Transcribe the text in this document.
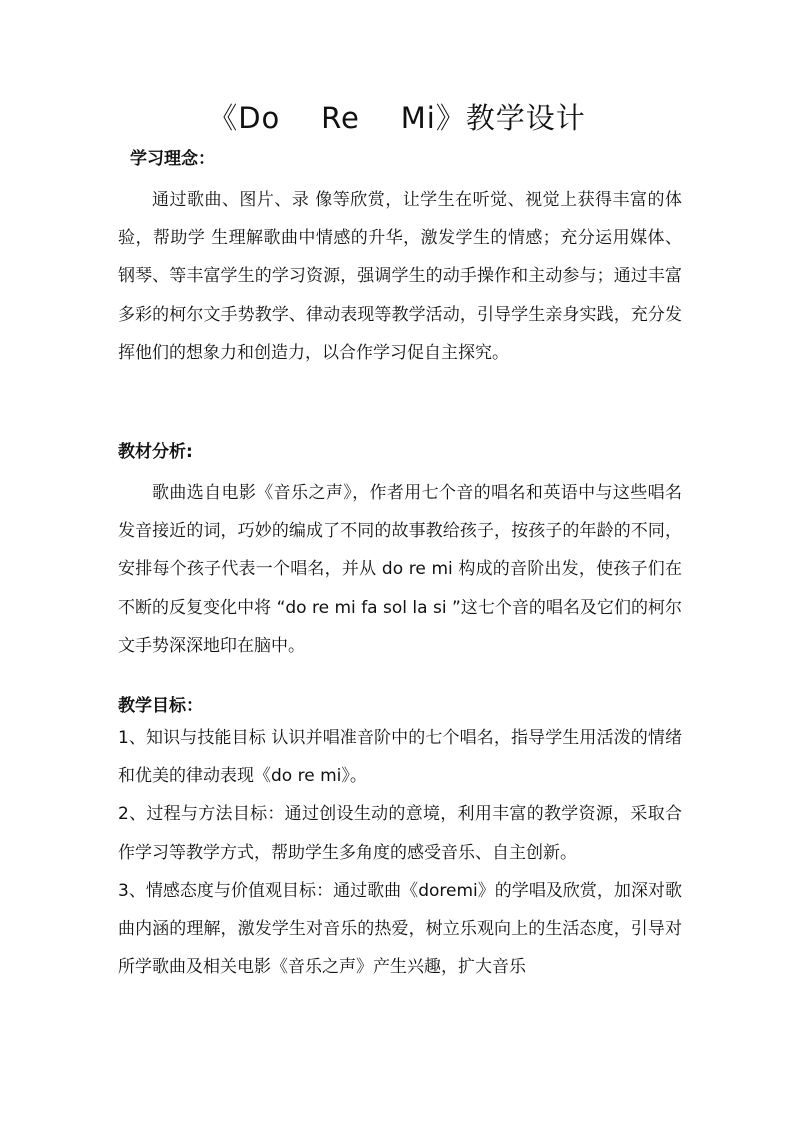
《Do    Re    Mi》教学设计
学习理念：
通过歌曲、图片、录 像等欣赏，让学生在听觉、视觉上获得丰富的体验，帮助学 生理解歌曲中情感的升华，激发学生的情感；充分运用媒体、钢琴、等丰富学生的学习资源，强调学生的动手操作和主动参与；通过丰富多彩的柯尔文手势教学、律动表现等教学活动，引导学生亲身实践，充分发挥他们的想象力和创造力，以合作学习促自主探究。
教材分析:
歌曲选自电影《音乐之声》，作者用七个音的唱名和英语中与这些唱名发音接近的词，巧妙的编成了不同的故事教给孩子，按孩子的年龄的不同，安排每个孩子代表一个唱名，并从 do re mi 构成的音阶出发，使孩子们在不断的反复变化中将 “do re mi fa sol la si ”这七个音的唱名及它们的柯尔文手势深深地印在脑中。
教学目标：

1、知识与技能目标 认识并唱准音阶中的七个唱名，指导学生用活泼的情绪和优美的律动表现《do re mi》。

2、过程与方法目标：通过创设生动的意境，利用丰富的教学资源，采取合作学习等教学方式，帮助学生多角度的感受音乐、自主创新。

3、情感态度与价值观目标：通过歌曲《doremi》的学唱及欣赏，加深对歌曲内涵的理解，激发学生对音乐的热爱，树立乐观向上的生活态度，引导对所学歌曲及相关电影《音乐之声》产生兴趣，扩大音乐
